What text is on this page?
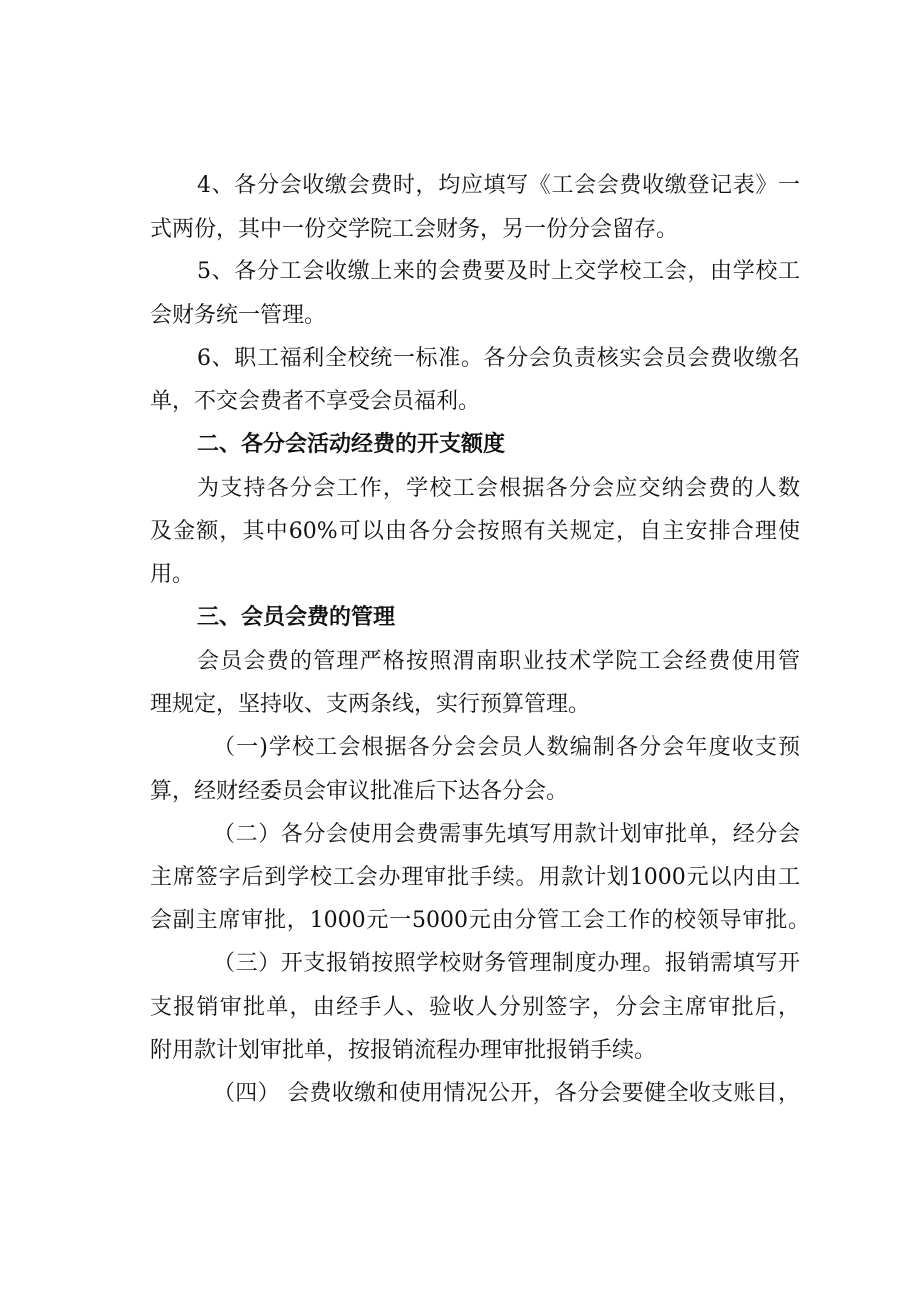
4、各分会收缴会费时，均应填写《工会会费收缴登记表》一
式两份，其中一份交学院工会财务，另一份分会留存。
5、各分工会收缴上来的会费要及时上交学校工会，由学校工
会财务统一管理。
6、职工福利全校统一标准。各分会负责核实会员会费收缴名
单，不交会费者不享受会员福利。
二、各分会活动经费的开支额度
为支持各分会工作，学校工会根据各分会应交纳会费的人数
及金额，其中60%可以由各分会按照有关规定，自主安排合理使
用。
三、会员会费的管理
会员会费的管理严格按照渭南职业技术学院工会经费使用管
理规定，坚持收、支两条线，实行预算管理。
（一)学校工会根据各分会会员人数编制各分会年度收支预
算，经财经委员会审议批准后下达各分会。
（二）各分会使用会费需事先填写用款计划审批单，经分会
主席签字后到学校工会办理审批手续。用款计划1000元以内由工
会副主席审批，1000元一5000元由分管工会工作的校领导审批。
（三）开支报销按照学校财务管理制度办理。报销需填写开
支报销审批单，由经手人、验收人分别签字，分会主席审批后，
附用款计划审批单，按报销流程办理审批报销手续。
（四） 会费收缴和使用情况公开，各分会要健全收支账目，
